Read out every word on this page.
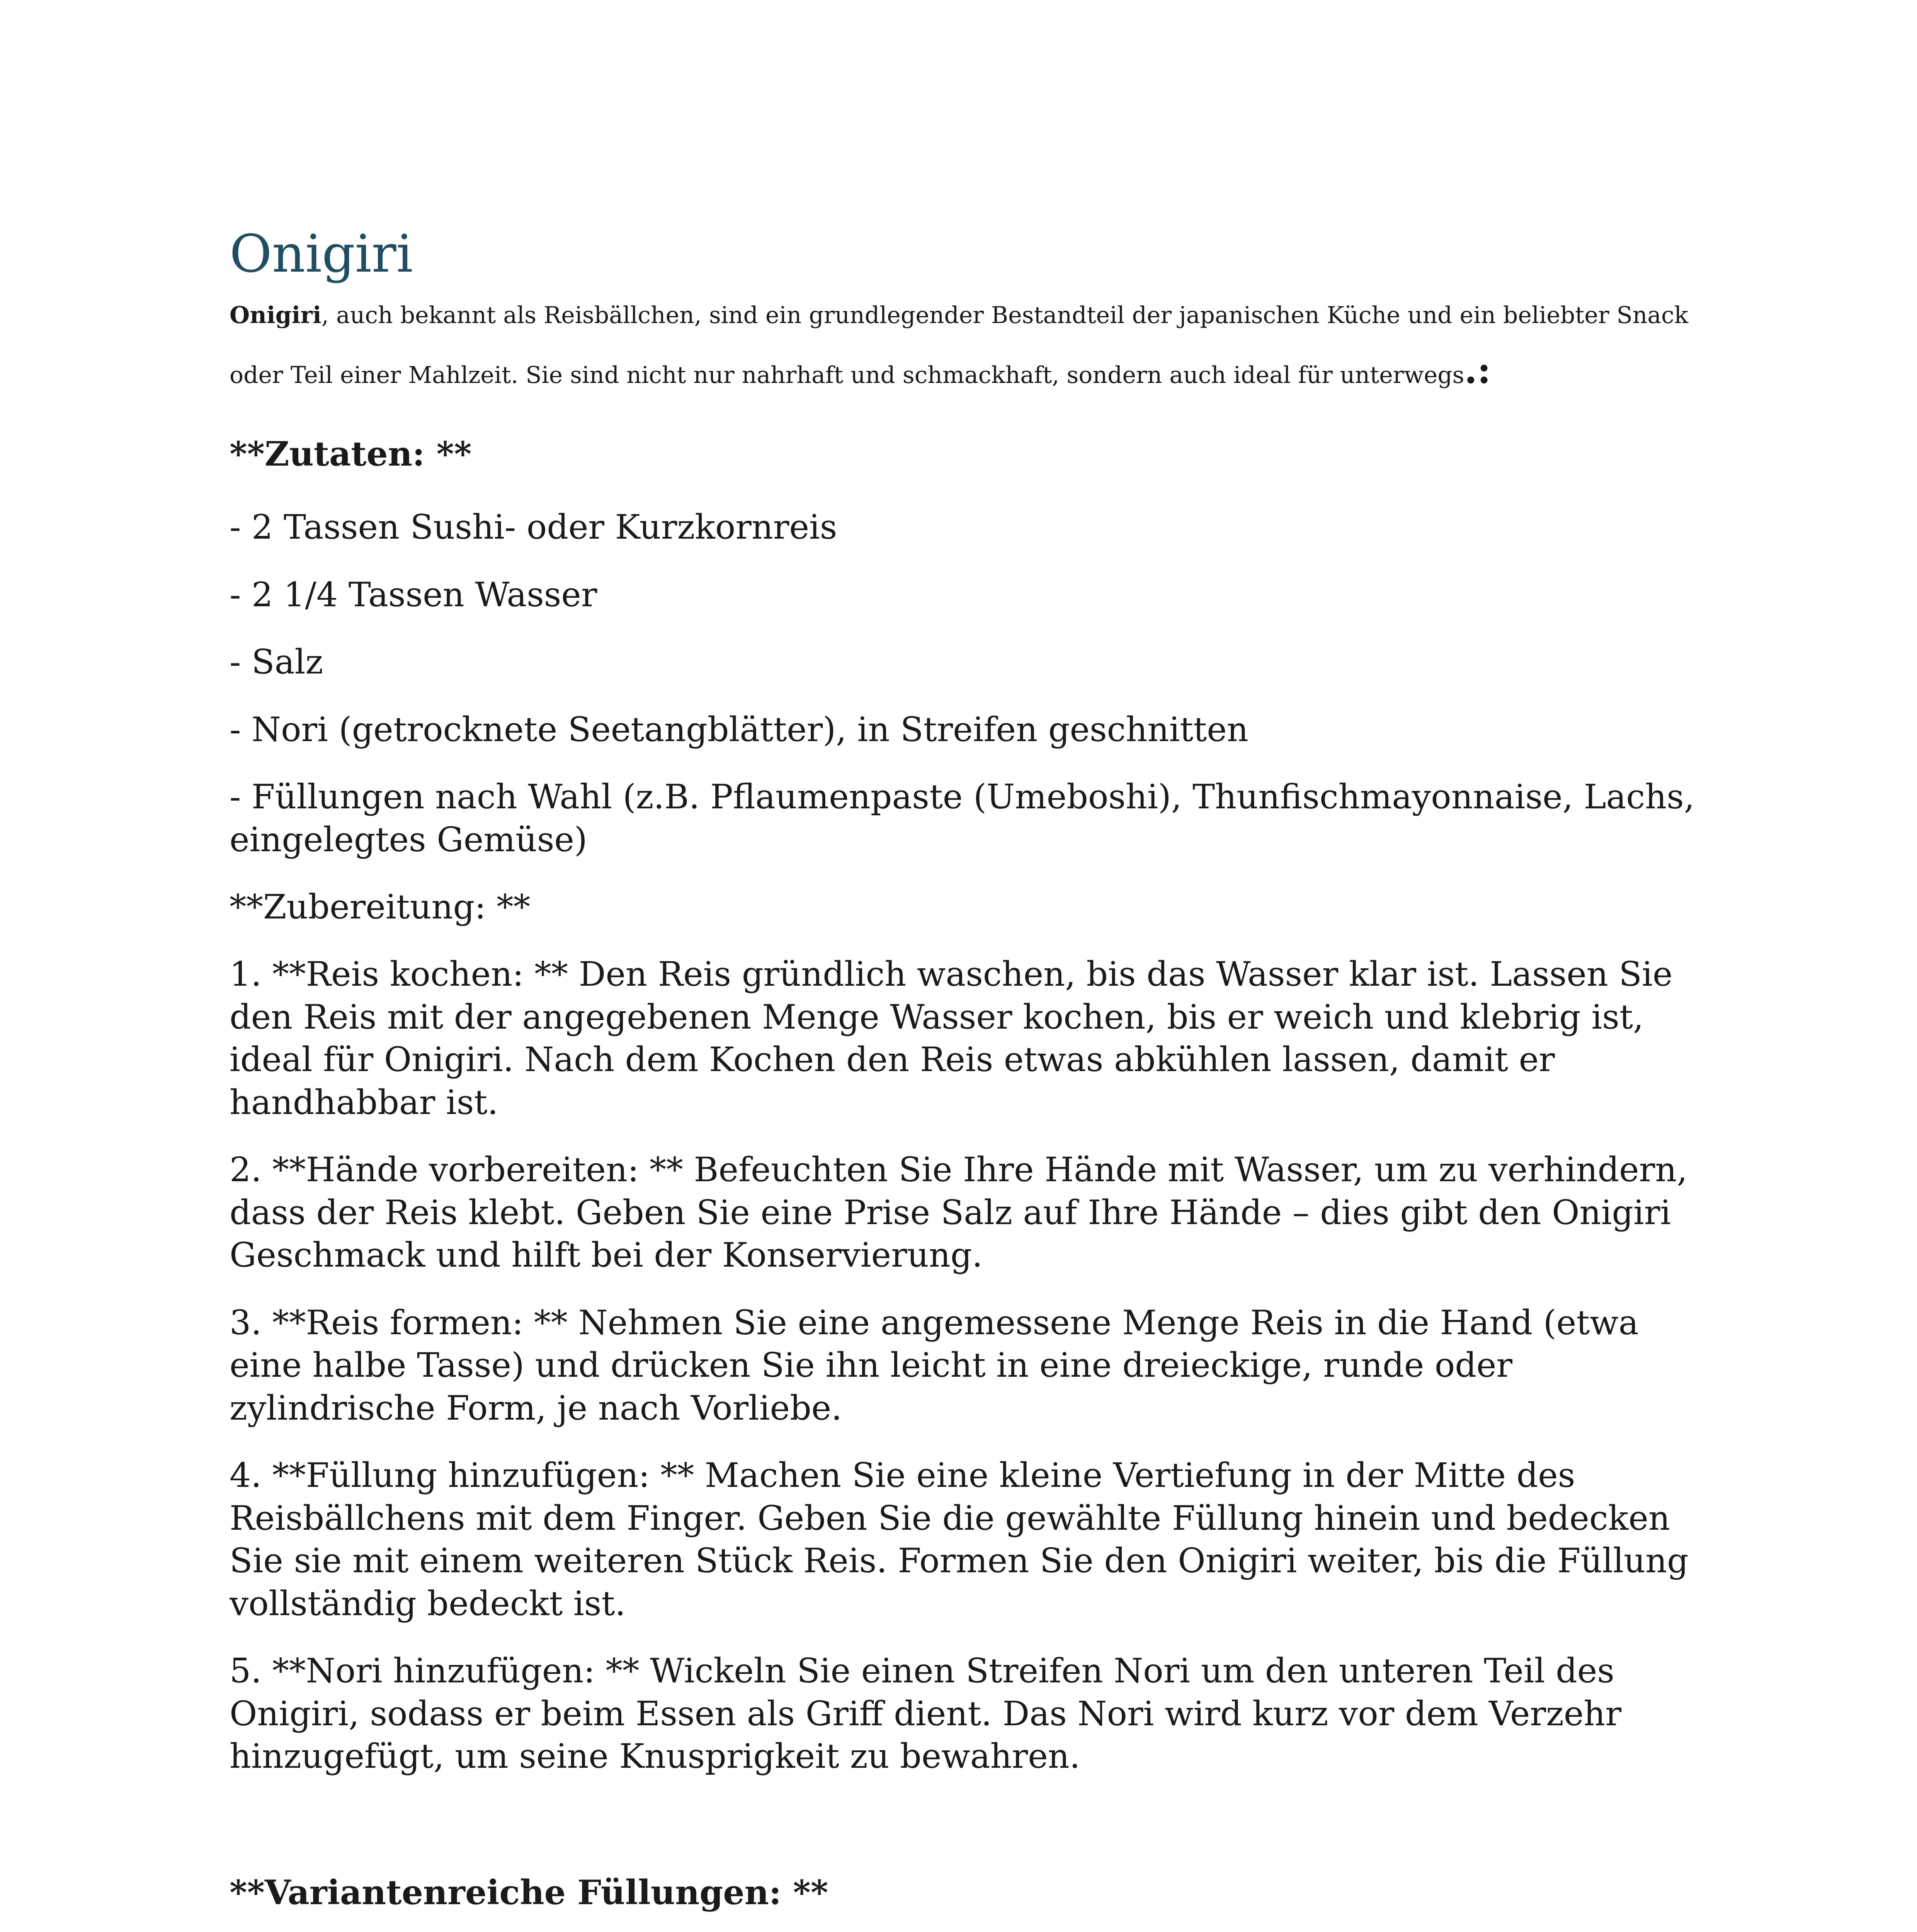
Onigiri

Onigiri, auch bekannt als Reisbällchen, sind ein grundlegender Bestandteil der japanischen Küche und ein beliebter Snack oder Teil einer Mahlzeit. Sie sind nicht nur nahrhaft und schmackhaft, sondern auch ideal für unterwegs.:

**Zutaten: **

- 2 Tassen Sushi- oder Kurzkornreis

- 2 1/4 Tassen Wasser

- Salz

- Nori (getrocknete Seetangblätter), in Streifen geschnitten

- Füllungen nach Wahl (z.B. Pflaumenpaste (Umeboshi), Thunfischmayonnaise, Lachs, eingelegtes Gemüse)

**Zubereitung: **

1. **Reis kochen: ** Den Reis gründlich waschen, bis das Wasser klar ist. Lassen Sie den Reis mit der angegebenen Menge Wasser kochen, bis er weich und klebrig ist, ideal für Onigiri. Nach dem Kochen den Reis etwas abkühlen lassen, damit er handhabbar ist.

2. **Hände vorbereiten: ** Befeuchten Sie Ihre Hände mit Wasser, um zu verhindern, dass der Reis klebt. Geben Sie eine Prise Salz auf Ihre Hände – dies gibt den Onigiri Geschmack und hilft bei der Konservierung.

3. **Reis formen: ** Nehmen Sie eine angemessene Menge Reis in die Hand (etwa eine halbe Tasse) und drücken Sie ihn leicht in eine dreieckige, runde oder zylindrische Form, je nach Vorliebe.

4. **Füllung hinzufügen: ** Machen Sie eine kleine Vertiefung in der Mitte des Reisbällchens mit dem Finger. Geben Sie die gewählte Füllung hinein und bedecken Sie sie mit einem weiteren Stück Reis. Formen Sie den Onigiri weiter, bis die Füllung vollständig bedeckt ist.

5. **Nori hinzufügen: ** Wickeln Sie einen Streifen Nori um den unteren Teil des Onigiri, sodass er beim Essen als Griff dient. Das Nori wird kurz vor dem Verzehr hinzugefügt, um seine Knusprigkeit zu bewahren.

**Variantenreiche Füllungen: **
